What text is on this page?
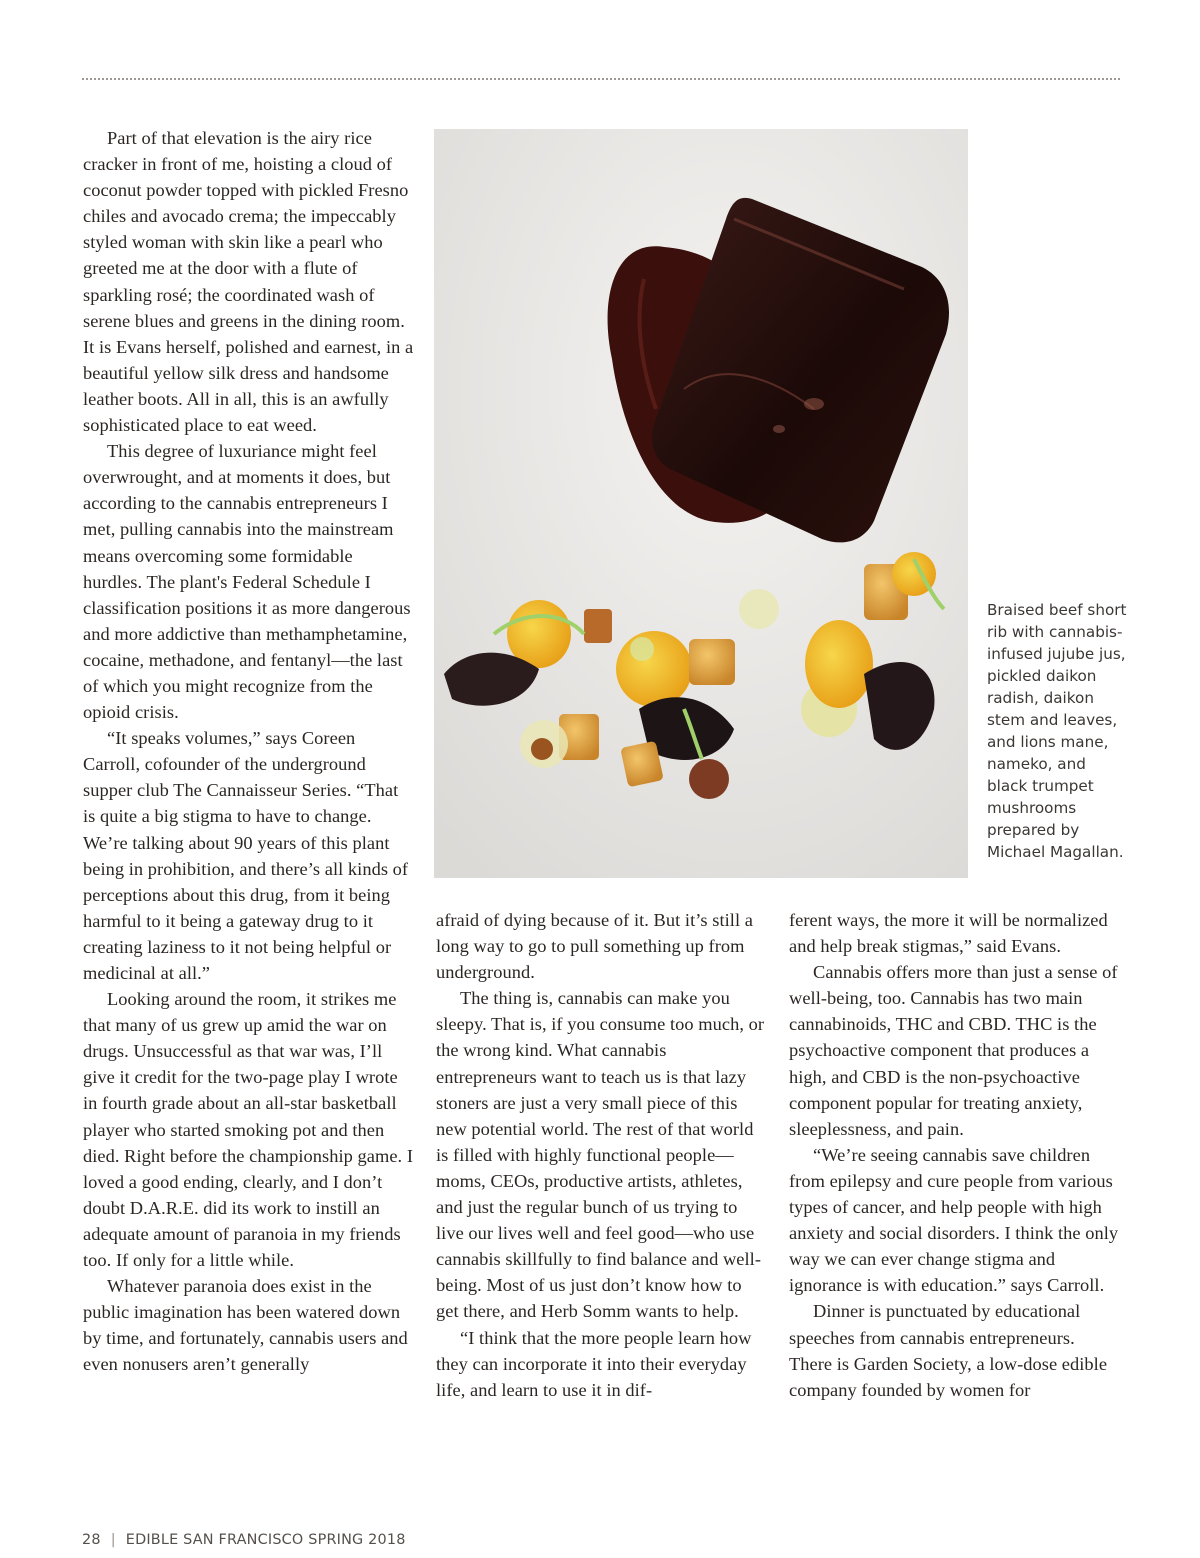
Part of that elevation is the airy rice cracker in front of me, hoisting a cloud of coconut powder topped with pickled Fresno chiles and avocado crema; the impeccably styled woman with skin like a pearl who greeted me at the door with a flute of sparkling rosé; the coordinated wash of serene blues and greens in the dining room. It is Evans herself, polished and earnest, in a beautiful yellow silk dress and handsome leather boots. All in all, this is an awfully sophisticated place to eat weed.

This degree of luxuriance might feel overwrought, and at moments it does, but according to the cannabis entrepreneurs I met, pulling cannabis into the mainstream means overcoming some formidable hurdles. The plant's Federal Schedule I classification positions it as more dangerous and more addictive than methamphetamine, cocaine, methadone, and fentanyl—the last of which you might recognize from the opioid crisis.

“It speaks volumes,” says Coreen Carroll, cofounder of the underground supper club The Cannaisseur Series. “That is quite a big stigma to have to change. We’re talking about 90 years of this plant being in prohibition, and there’s all kinds of perceptions about this drug, from it being harmful to it being a gateway drug to it creating laziness to it not being helpful or medicinal at all.”

Looking around the room, it strikes me that many of us grew up amid the war on drugs. Unsuccessful as that war was, I’ll give it credit for the two-page play I wrote in fourth grade about an all-star basketball player who started smoking pot and then died. Right before the championship game. I loved a good ending, clearly, and I don’t doubt D.A.R.E. did its work to instill an adequate amount of paranoia in my friends too. If only for a little while.

Whatever paranoia does exist in the public imagination has been watered down by time, and fortunately, cannabis users and even nonusers aren’t generally

Braised beef short rib with cannabis-infused jujube jus, pickled daikon radish, daikon stem and leaves, and lions mane, nameko, and black trumpet mushrooms prepared by Michael Magallan.

afraid of dying because of it. But it’s still a long way to go to pull something up from underground.

The thing is, cannabis can make you sleepy. That is, if you consume too much, or the wrong kind. What cannabis entrepreneurs want to teach us is that lazy stoners are just a very small piece of this new potential world. The rest of that world is filled with highly functional people—moms, CEOs, productive artists, athletes, and just the regular bunch of us trying to live our lives well and feel good—who use cannabis skillfully to find balance and well-being. Most of us just don’t know how to get there, and Herb Somm wants to help.

“I think that the more people learn how they can incorporate it into their everyday life, and learn to use it in dif-

ferent ways, the more it will be normalized and help break stigmas,” said Evans.

Cannabis offers more than just a sense of well-being, too. Cannabis has two main cannabinoids, THC and CBD. THC is the psychoactive component that produces a high, and CBD is the non-psychoactive component popular for treating anxiety, sleeplessness, and pain.

“We’re seeing cannabis save children from epilepsy and cure people from various types of cancer, and help people with high anxiety and social disorders. I think the only way we can ever change stigma and ignorance is with education.” says Carroll.

Dinner is punctuated by educational speeches from cannabis entrepreneurs. There is Garden Society, a low-dose edible company founded by women for

28 | EDIBLE SAN FRANCISCO SPRING 2018
